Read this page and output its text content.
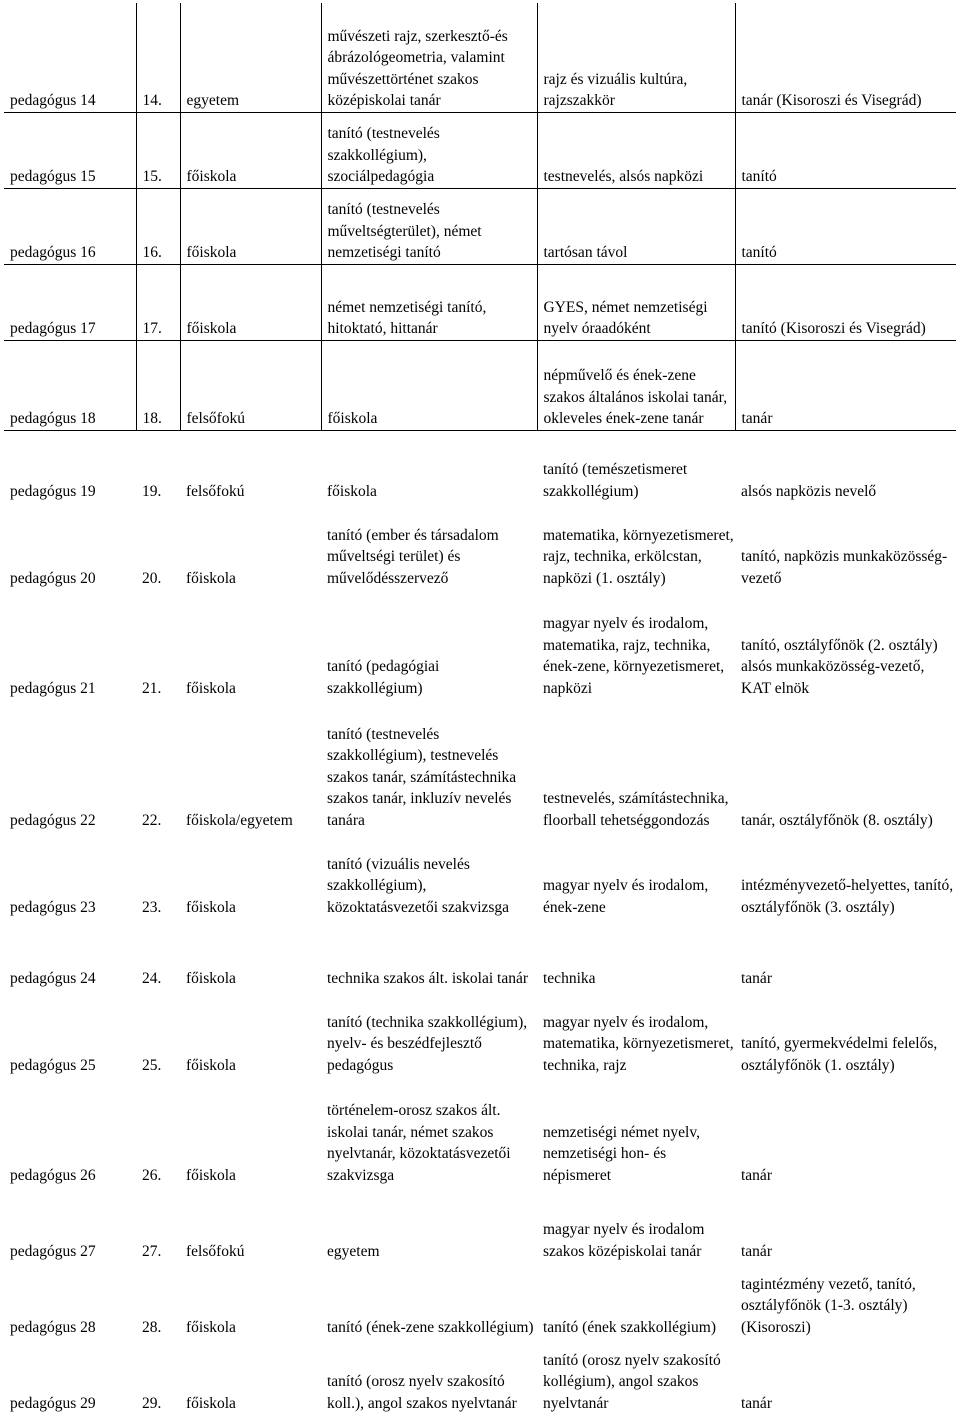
pedagógus 14	14.	egyetem	művészeti rajz, szerkesztő-és ábrázológeometria, valamint művészettörténet szakos középiskolai tanár	rajz és vizuális kultúra, rajzszakkör	tanár (Kisoroszi és Visegrád)
pedagógus 15	15.	főiskola	tanító (testnevelés szakkollégium), szociálpedagógia	testnevelés, alsós napközi	tanító
pedagógus 16	16.	főiskola	tanító (testnevelés műveltségterület), német nemzetiségi tanító	tartósan távol	tanító
pedagógus 17	17.	főiskola	német nemzetiségi tanító, hitoktató, hittanár	GYES, német nemzetiségi nyelv óraadóként	tanító (Kisoroszi és Visegrád)
pedagógus 18	18.	felsőfokú	főiskola	népművelő és ének-zene szakos általános iskolai tanár, okleveles ének-zene tanár	tanár
pedagógus 19	19.	felsőfokú	főiskola	tanító (temészetismeret szakkollégium)	alsós napközis nevelő
pedagógus 20	20.	főiskola	tanító (ember és társadalom műveltségi terület) és művelődésszervező	matematika, környezetismeret, rajz, technika, erkölcstan, napközi (1. osztály)	tanító, napközis munkaközösség-vezető
pedagógus 21	21.	főiskola	tanító (pedagógiai szakkollégium)	magyar nyelv és irodalom, matematika, rajz, technika, ének-zene, környezetismeret, napközi	tanító, osztályfőnök (2. osztály) alsós munkaközösség-vezető, KAT elnök
pedagógus 22	22.	főiskola/egyetem	tanító (testnevelés szakkollégium), testnevelés szakos tanár, számítástechnika szakos tanár, inkluzív nevelés tanára	testnevelés, számítástechnika, floorball tehetséggondozás	tanár, osztályfőnök (8. osztály)
pedagógus 23	23.	főiskola	tanító (vizuális nevelés szakkollégium), közoktatásvezetői szakvizsga	magyar nyelv és irodalom, ének-zene	intézményvezető-helyettes, tanító, osztályfőnök (3. osztály)
pedagógus 24	24.	főiskola	technika szakos ált. iskolai tanár	technika	tanár
pedagógus 25	25.	főiskola	tanító (technika szakkollégium), nyelv- és beszédfejlesztő pedagógus	magyar nyelv és irodalom, matematika, környezetismeret, technika, rajz	tanító, gyermekvédelmi felelős, osztályfőnök (1. osztály)
pedagógus 26	26.	főiskola	történelem-orosz szakos ált. iskolai tanár, német szakos nyelvtanár, közoktatásvezetői szakvizsga	nemzetiségi német nyelv, nemzetiségi hon- és népismeret	tanár
pedagógus 27	27.	felsőfokú	egyetem	magyar nyelv és irodalom szakos középiskolai tanár	tanár
pedagógus 28	28.	főiskola	tanító (ének-zene szakkollégium)	tanító (ének szakkollégium)	tagintézmény vezető, tanító, osztályfőnök (1-3. osztály) (Kisoroszi)
pedagógus 29	29.	főiskola	tanító (orosz nyelv szakosító koll.), angol szakos nyelvtanár	tanító (orosz nyelv szakosító kollégium), angol szakos nyelvtanár	tanár
